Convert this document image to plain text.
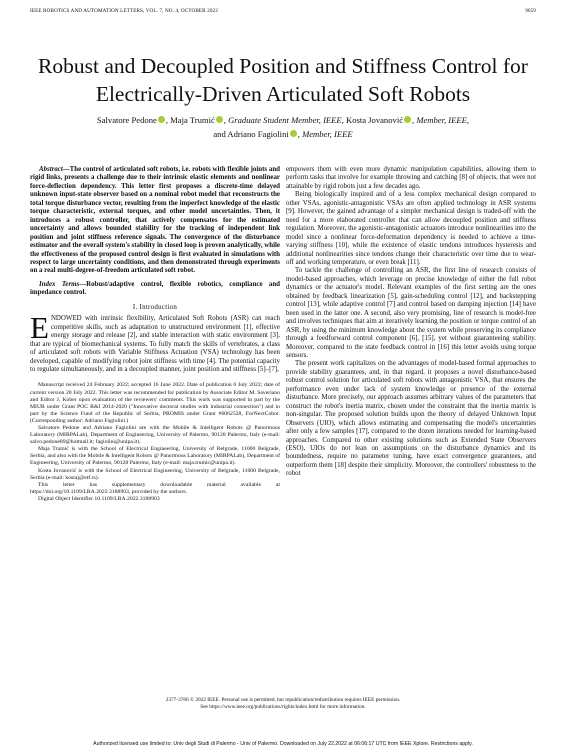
IEEE ROBOTICS AND AUTOMATION LETTERS, VOL. 7, NO. 4, OCTOBER 2022	9059
Robust and Decoupled Position and Stiffness Control for Electrically-Driven Articulated Soft Robots
Salvatore Pedone , Maja Trumić , Graduate Student Member, IEEE, Kosta Jovanović , Member, IEEE,
and Adriano Fagiolini , Member, IEEE

Abstract—The control of articulated soft robots, i.e. robots with flexible joints and rigid links, presents a challenge due to their intrinsic elastic elements and nonlinear force-deflection dependency. This letter first proposes a discrete-time delayed unknown input-state observer based on a nominal robot model that reconstructs the total torque disturbance vector, resulting from the imperfect knowledge of the elastic torque characteristic, external torques, and other model uncertainties. Then, it introduces a robust controller, that actively compensates for the estimated uncertainty and allows bounded stability for the tracking of independent link position and joint stiffness reference signals. The convergence of the disturbance estimator and the overall system's stability in closed loop is proven analytically, while the effectiveness of the proposed control design is first evaluated in simulations with respect to large uncertainty conditions, and then demonstrated through experiments on a real multi-degree-of-freedom articulated soft robot.

Index Terms—Robust/adaptive control, flexible robotics, compliance and impedance control.

I. Introduction

ENDOWED with intrinsic flexibility, Articulated Soft Robots (ASR) can reach competitive skills, such as adaptation to unstructured environment [1], effective energy storage and release [2], and stable interaction with static environment [3], that are typical of biomechanical systems. To fully match the skills of vertebrates, a class of articulated soft robots with Variable Stiffness Actuation (VSA) technology has been developed, capable of modifying robot joint stiffness with time [4]. The potential capacity to regulate simultaneously, and in a decoupled manner, joint position and stiffness [5]–[7],

Manuscript received 24 February 2022; accepted 16 June 2022. Date of publication 6 July 2022; date of current version 20 July 2022. This letter was recommended for publication by Associate Editor M. Saveriano and Editor J. Kober upon evaluation of the reviewers' comments. This work was supported in part by the MIUR under Grant POC R&I 2014-2020 ("Innovative doctoral studies with industrial connection") and in part by the Science Fund of the Republic of Serbia, PROMIS under Grant #6062528, ForNextCobot. (Corresponding author: Adriano Fagiolini.)

Salvatore Pedone and Adriano Fagiolini are with the Mobile & Intelligent Robots @ Panormous Laboratory (MIRPALab), Department of Engineering, University of Palermo, 90128 Palermo, Italy (e-mail: salvo.pedone89@hotmail.it; fagiolini@unipa.it).

Maja Trumić is with the School of Electrical Engineering, University of Belgrade, 11000 Belgrade, Serbia, and also with the Mobile & Intelligent Robots @ Panormous Laboratory (MIRPALab), Department of Engineering, University of Palermo, 90128 Palermo, Italy (e-mail: maja.trumic@unipa.it).

Kosta Jovanović is with the School of Electrical Engineering, University of Belgrade, 11000 Belgrade, Serbia (e-mail: kostaj@etf.rs).

This letter has supplementary downloadable material available at https://doi.org/10.1109/LRA.2022.3188903, provided by the authors.

Digital Object Identifier 10.1109/LRA.2022.3188903

empowers them with even more dynamic manipulation capabilities, allowing them to perform tasks that involve for example throwing and catching [8] of objects, that were not attainable by rigid robots just a few decades ago.

Being biologically inspired and of a less complex mechanical design compared to other VSAs, agonistic-antagonistic VSAs are often applied technology in ASR systems [9]. However, the gained advantage of a simpler mechanical design is traded-off with the need for a more elaborated controller that can allow decoupled position and stiffness regulation. Moreover, the agonistic-antagonistic actuators introduce nonlinearities into the model since a nonlinear force-deformation dependency is needed to achieve a time-varying stiffness [10], while the existence of elastic tendons introduces hysteresis and additional nonlinearities since tendons change their characteristic over time due to wear-off and working temperature, or even break [11].

To tackle the challenge of controlling an ASR, the first line of research consists of model-based approaches, which leverage on precise knowledge of either the full robot dynamics or the actuator's model. Relevant examples of the first setting are the ones obtained by feedback linearization [5], gain-scheduling control [12], and backstepping control [13], while adaptive control [7] and control based on damping injection [14] have been used in the latter one. A second, also very promising, line of research is model-free and involves techniques that aim at iteratively learning the position or torque control of an ASR, by using the minimum knowledge about the system while preserving its compliance through a feedforward control component [6], [15], yet without guaranteeing stability. Moreover, compared to the state feedback control in [16] this letter avoids using torque sensors.

The present work capitalizes on the advantages of model-based formal approaches to provide stability guarantees, and, in that regard, it proposes a novel disturbance-based robust control solution for articulated soft robots with antagonistic VSA, that ensures the performance even under lack of system knowledge or presence of the external disturbance. More precisely, our approach assumes arbitrary values of the parameters that construct the robot's inertia matrix, chosen under the constraint that the inertia matrix is non-singular. The proposed solution builds upon the theory of delayed Unknown Input Observers (UIO), which allows estimating and compensating the model's uncertainties after only a few samples [17], compared to the dozen iterations needed for learning-based approaches. Compared to other existing solutions such as Extended State Observers (ESO), UIOs do not lean on assumptions on the disturbance dynamics and its boundedness, require no parameter tuning, have exact convergence guarantees, and outperform them [18] despite their simplicity. Moreover, the controllers' robustness to the robot

2377-3766 © 2022 IEEE. Personal use is permitted, but republication/redistribution requires IEEE permission.
See https://www.ieee.org/publications/rights/index.html for more information.
Authorized licensed use limited to: Univ degli Studi di Palermo - Univ of Palermo. Downloaded on July 22,2022 at 06:06:17 UTC from IEEE Xplore. Restrictions apply.
